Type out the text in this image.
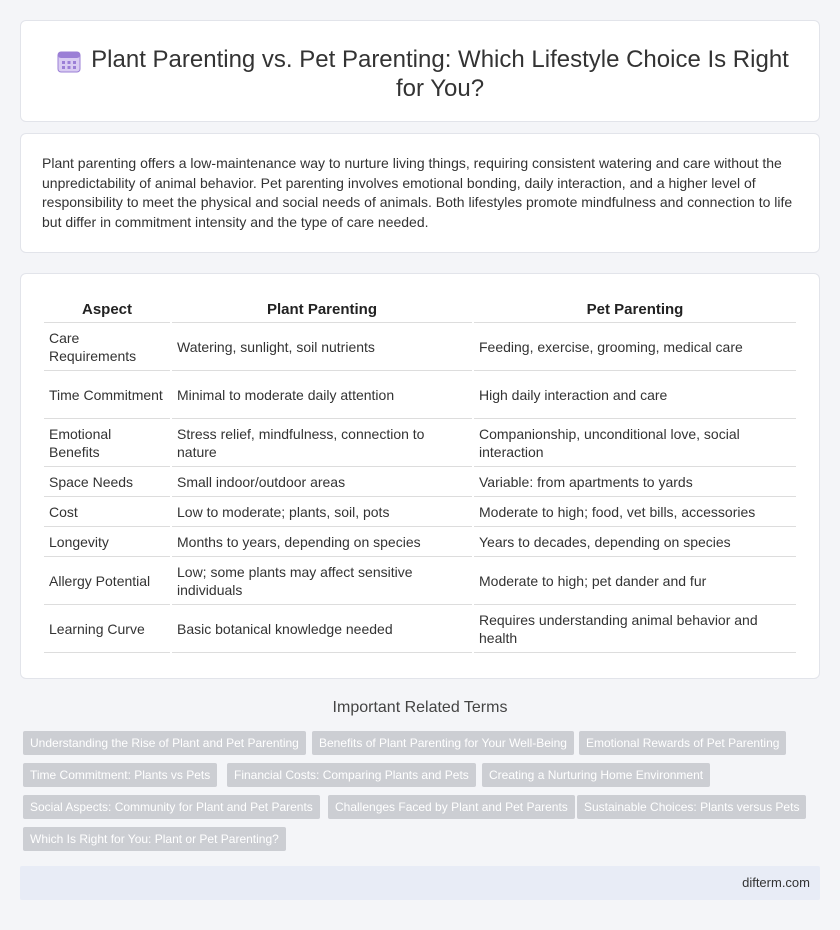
Plant Parenting vs. Pet Parenting: Which Lifestyle Choice Is Right for You?

Plant parenting offers a low-maintenance way to nurture living things, requiring consistent watering and care without the unpredictability of animal behavior. Pet parenting involves emotional bonding, daily interaction, and a higher level of responsibility to meet the physical and social needs of animals. Both lifestyles promote mindfulness and connection to life but differ in commitment intensity and the type of care needed.

Aspect	Plant Parenting	Pet Parenting
Care Requirements	Watering, sunlight, soil nutrients	Feeding, exercise, grooming, medical care
Time Commitment	Minimal to moderate daily attention	High daily interaction and care
Emotional Benefits	Stress relief, mindfulness, connection to nature	Companionship, unconditional love, social interaction
Space Needs	Small indoor/outdoor areas	Variable: from apartments to yards
Cost	Low to moderate; plants, soil, pots	Moderate to high; food, vet bills, accessories
Longevity	Months to years, depending on species	Years to decades, depending on species
Allergy Potential	Low; some plants may affect sensitive individuals	Moderate to high; pet dander and fur
Learning Curve	Basic botanical knowledge needed	Requires understanding animal behavior and health
Important Related Terms
Understanding the Rise of Plant and Pet Parenting	Benefits of Plant Parenting for Your Well-Being	Emotional Rewards of Pet Parenting
Time Commitment: Plants vs Pets	Financial Costs: Comparing Plants and Pets	Creating a Nurturing Home Environment
Social Aspects: Community for Plant and Pet Parents	Challenges Faced by Plant and Pet Parents	Sustainable Choices: Plants versus Pets
Which Is Right for You: Plant or Pet Parenting?
difterm.com
